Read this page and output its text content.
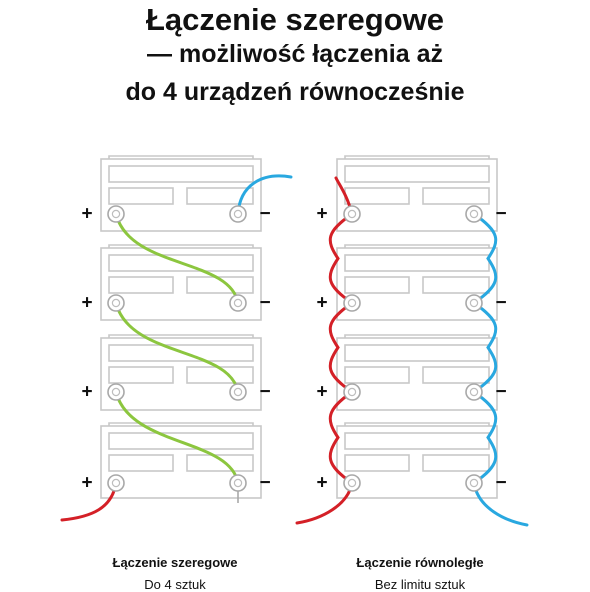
Łączenie szeregowe
— możliwość łączenia aż
do 4 urządzeń równocześnie
+	− +	−
+	− +	−
+	− +	−
+	− +	−
Łączenie szeregowe
Do 4 sztuk
Łączenie równoległe
Bez limitu sztuk
